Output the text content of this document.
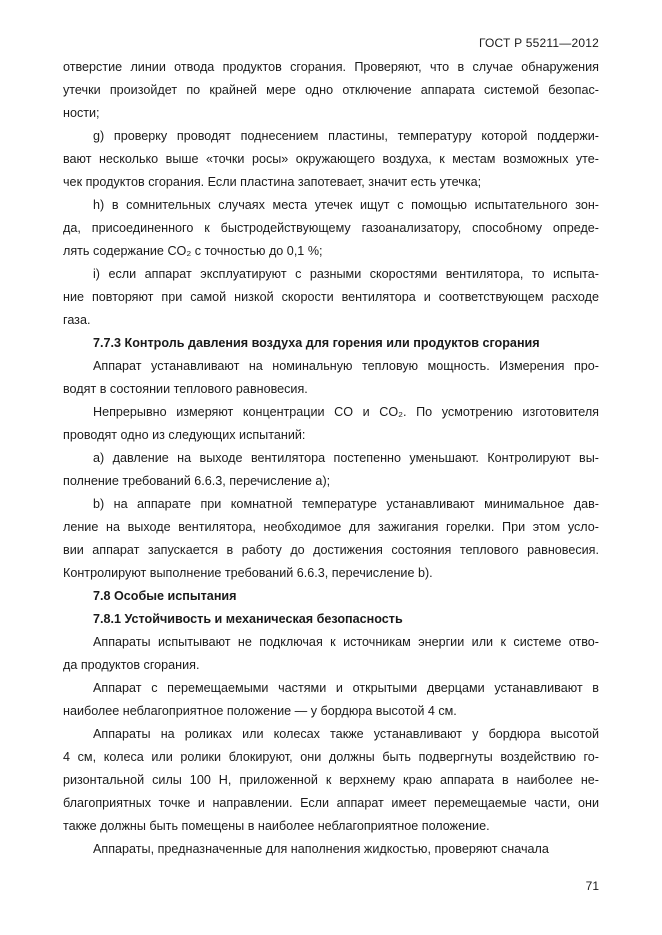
ГОСТ Р 55211—2012
отверстие линии отвода продуктов сгорания. Проверяют, что в случае обнаружения
утечки произойдет по крайней мере одно отключение аппарата системой безопас-
ности;
g) проверку проводят поднесением пластины, температуру которой поддержи-
вают несколько выше «точки росы» окружающего воздуха, к местам возможных уте-
чек продуктов сгорания. Если пластина запотевает, значит есть утечка;
h) в сомнительных случаях места утечек ищут с помощью испытательного зон-
да, присоединенного к быстродействующему газоанализатору, способному опреде-
лять содержание CO₂ с точностью до 0,1 %;
i) если аппарат эксплуатируют с разными скоростями вентилятора, то испыта-
ние повторяют при самой низкой скорости вентилятора и соответствующем расходе
газа.
7.7.3 Контроль давления воздуха для горения или продуктов сгорания
Аппарат устанавливают на номинальную тепловую мощность. Измерения про-
водят в состоянии теплового равновесия.
Непрерывно измеряют концентрации CO и CO₂. По усмотрению изготовителя
проводят одно из следующих испытаний:
a) давление на выходе вентилятора постепенно уменьшают. Контролируют вы-
полнение требований 6.6.3, перечисление а);
b) на аппарате при комнатной температуре устанавливают минимальное дав-
ление на выходе вентилятора, необходимое для зажигания горелки. При этом усло-
вии аппарат запускается в работу до достижения состояния теплового равновесия.
Контролируют выполнение требований 6.6.3, перечисление b).
7.8 Особые испытания
7.8.1 Устойчивость и механическая безопасность
Аппараты испытывают не подключая к источникам энергии или к системе отво-
да продуктов сгорания.
Аппарат с перемещаемыми частями и открытыми дверцами устанавливают в
наиболее неблагоприятное положение — у бордюра высотой 4 см.
Аппараты на роликах или колесах также устанавливают у бордюра высотой
4 см, колеса или ролики блокируют, они должны быть подвергнуты воздействию го-
ризонтальной силы 100 Н, приложенной к верхнему краю аппарата в наиболее не-
благоприятных точке и направлении. Если аппарат имеет перемещаемые части, они
также должны быть помещены в наиболее неблагоприятное положение.
Аппараты, предназначенные для наполнения жидкостью, проверяют сначала
71
